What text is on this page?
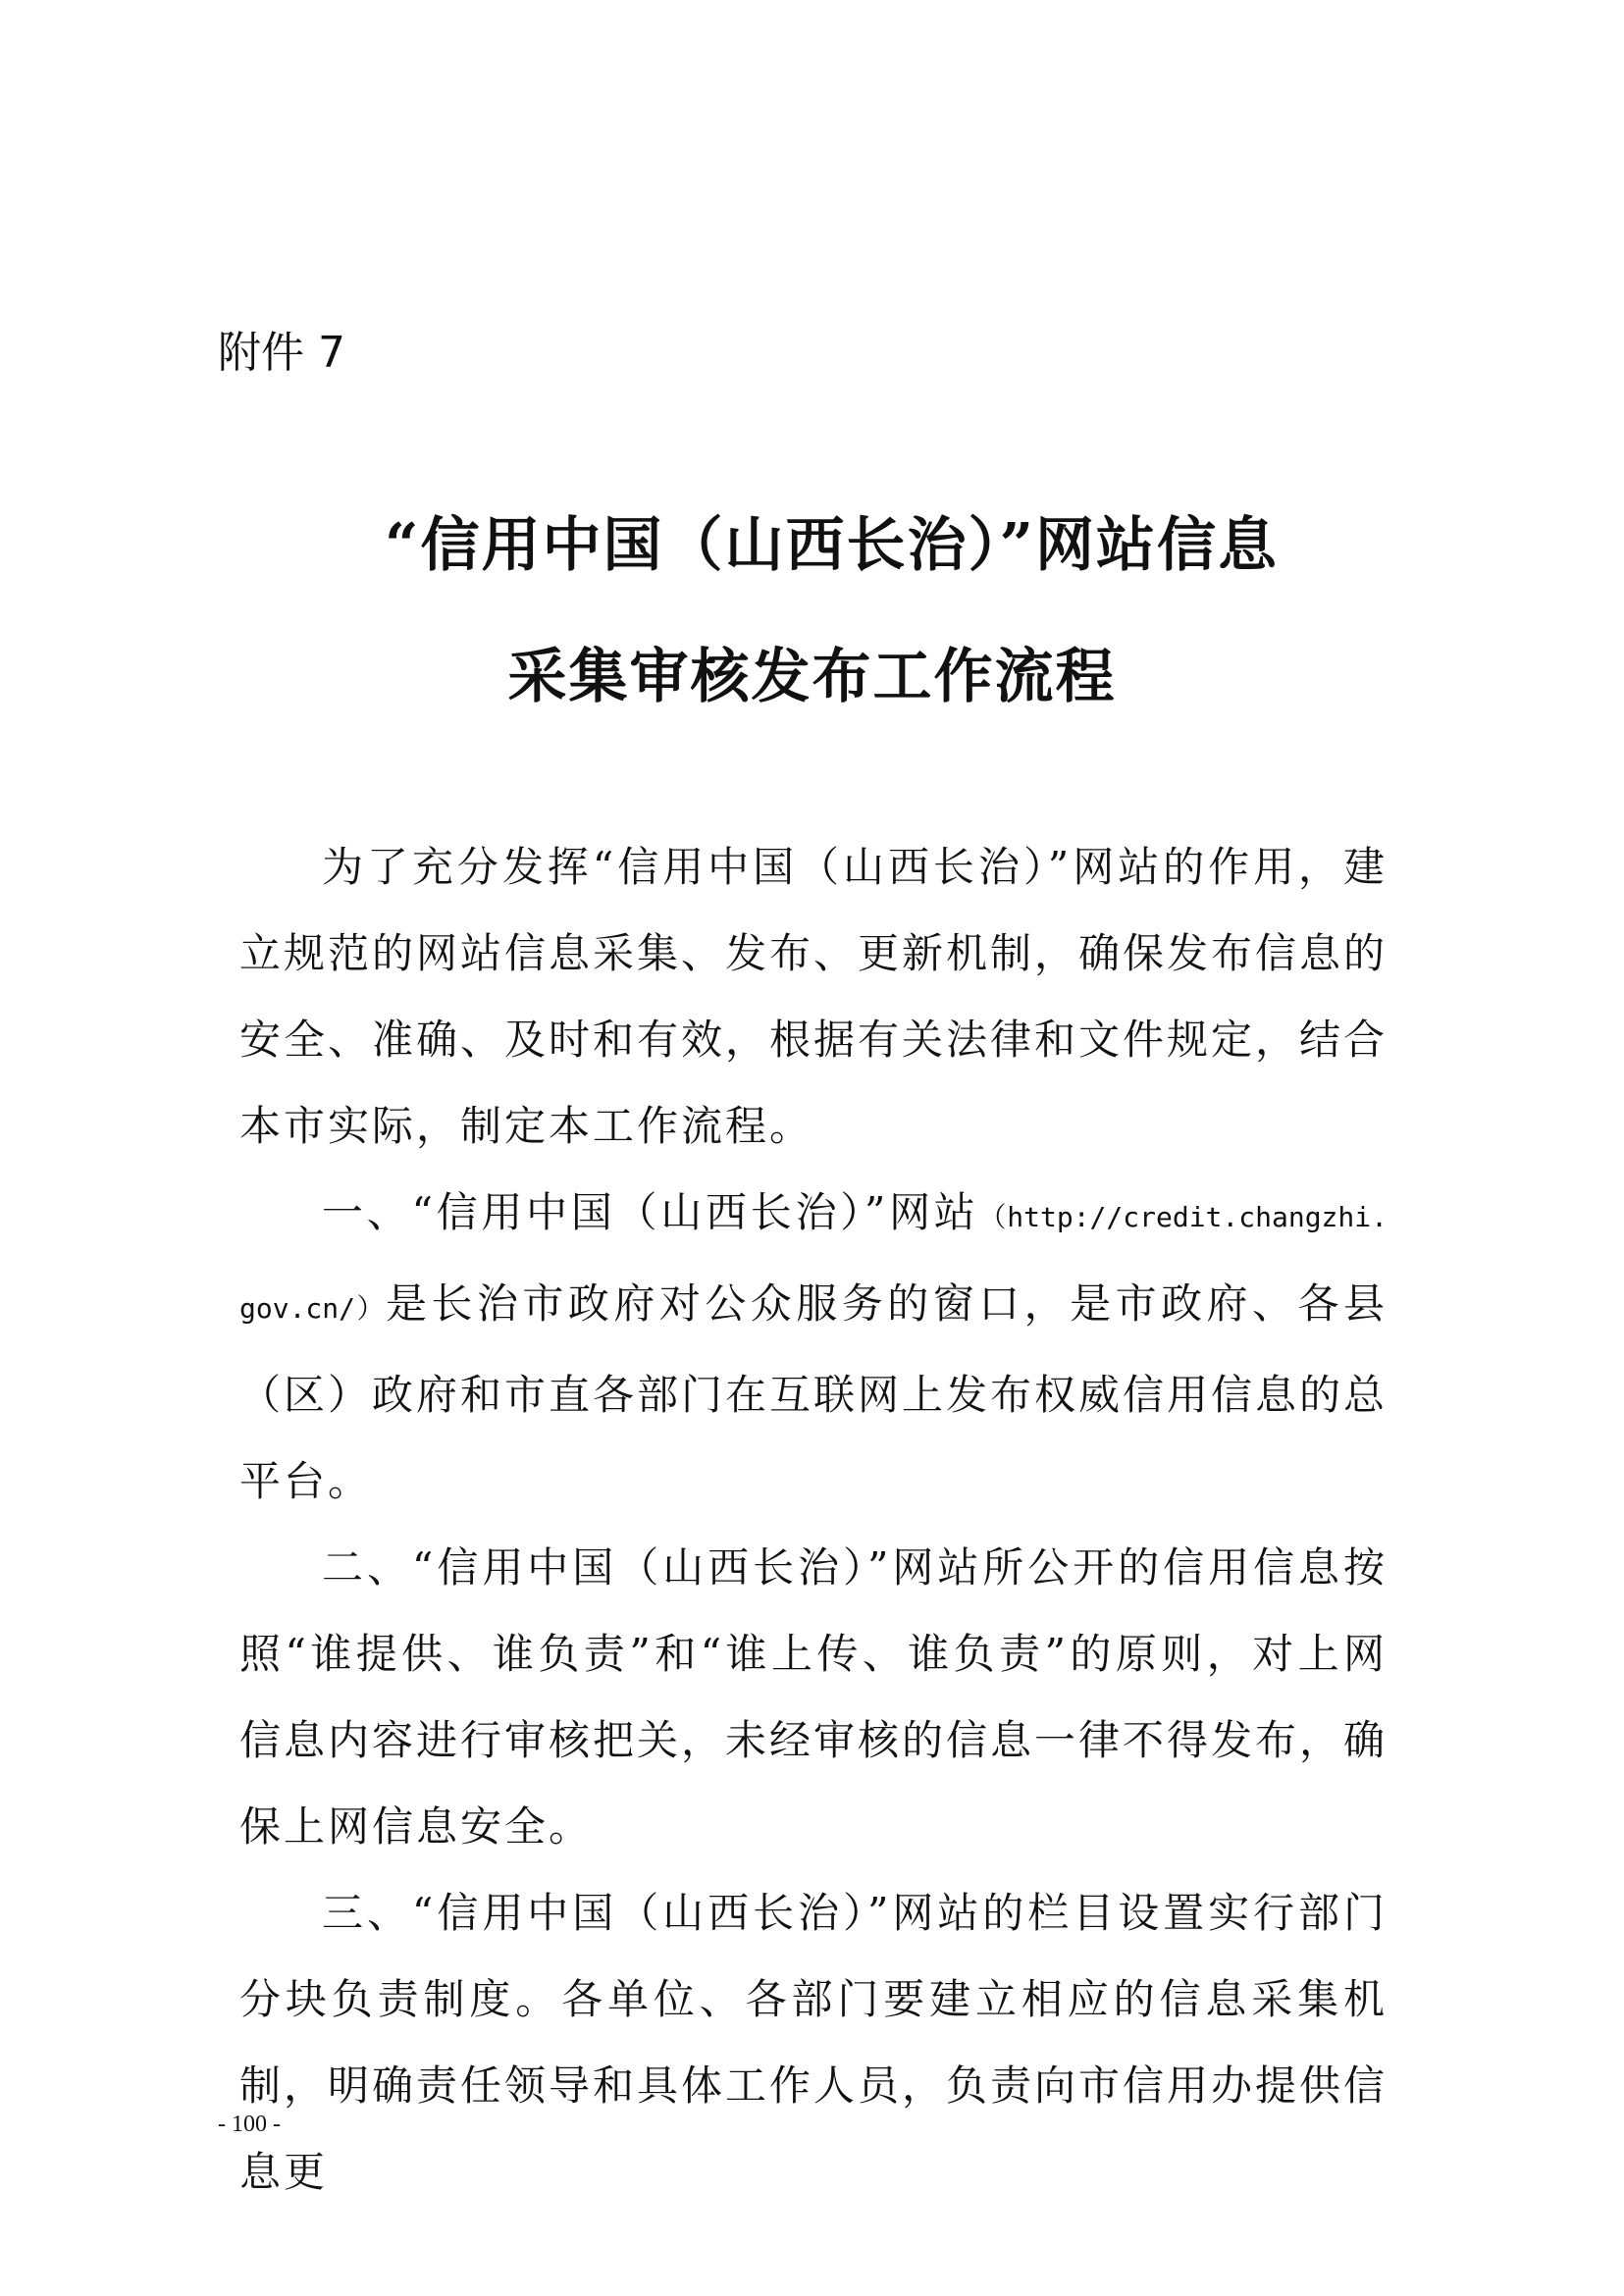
附件 7
“信用中国（山西长治）”网站信息
采集审核发布工作流程

为了充分发挥“信用中国（山西长治）”网站的作用，建立规范的网站信息采集、发布、更新机制，确保发布信息的安全、准确、及时和有效，根据有关法律和文件规定，结合本市实际，制定本工作流程。

一、“信用中国（山西长治）”网站（http://credit.changzhi.gov.cn/）是长治市政府对公众服务的窗口，是市政府、各县（区）政府和市直各部门在互联网上发布权威信用信息的总平台。

二、“信用中国（山西长治）”网站所公开的信用信息按照“谁提供、谁负责”和“谁上传、谁负责”的原则，对上网信息内容进行审核把关，未经审核的信息一律不得发布，确保上网信息安全。

三、“信用中国（山西长治）”网站的栏目设置实行部门分块负责制度。各单位、各部门要建立相应的信息采集机制，明确责任领导和具体工作人员，负责向市信用办提供信息更

- 100 -
